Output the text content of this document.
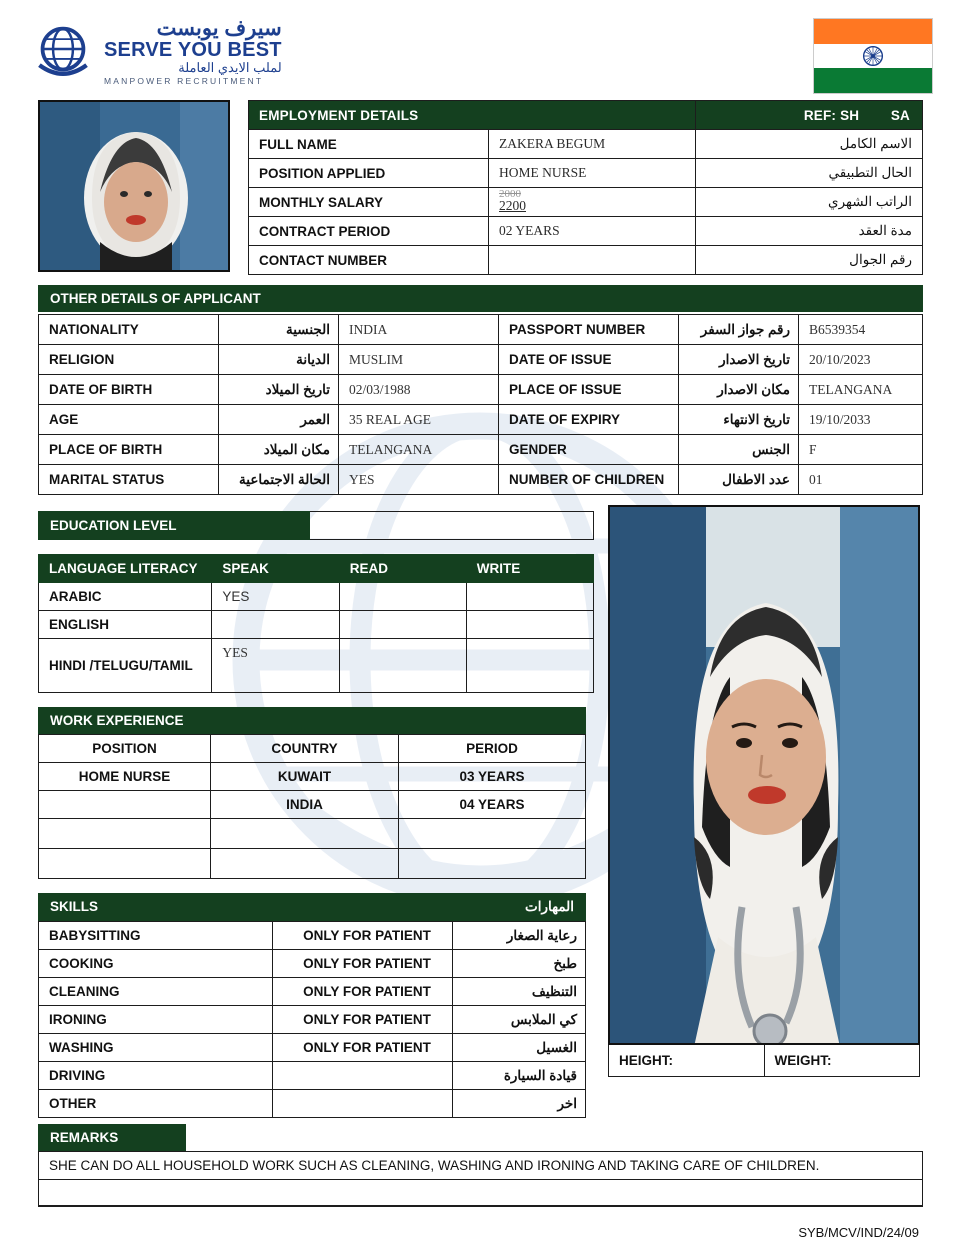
سيرف يوبست
SERVE YOU BEST
لملب الايدي العاملة
MANPOWER RECRUITMENT
EMPLOYMENT DETAILS		REF: SH SA
FULL NAME	ZAKERA BEGUM	الاسم الكامل
POSITION APPLIED	HOME NURSE	الحال التطبيقي
MONTHLY SALARY	2000
2200	الراتب الشهري
CONTRACT PERIOD	02 YEARS	مدة العقد
CONTACT NUMBER		رقم الجوال
OTHER DETAILS OF APPLICANT

NATIONALITY	الجنسية	INDIA	PASSPORT NUMBER	رقم جواز السفر	B6539354
RELIGION	الديانة	MUSLIM	DATE OF ISSUE	تاريخ الاصدار	20/10/2023
DATE OF BIRTH	تاريخ الميلاد	02/03/1988	PLACE OF ISSUE	مكان الاصدار	TELANGANA
AGE	العمر	35 REAL AGE	DATE OF EXPIRY	تاريخ الانتهاء	19/10/2033
PLACE OF BIRTH	مكان الميلاد	TELANGANA	GENDER	الجنس	F
MARITAL STATUS	الحالة الاجتماعية	YES	NUMBER OF CHILDREN	عدد الاطفال	01
EDUCATION LEVEL
LANGUAGE LITERACY	SPEAK	READ	WRITE
ARABIC	YES		
ENGLISH			
HINDI /TELUGU/TAMIL	YES		
WORK EXPERIENCE
POSITION	COUNTRY	PERIOD
HOME NURSE	KUWAIT	03 YEARS
	INDIA	04 YEARS

SKILLS	المهارات
BABYSITTING	ONLY FOR PATIENT	رعاية الصغار
COOKING	ONLY FOR PATIENT	طبخ
CLEANING	ONLY FOR PATIENT	التنظيف
IRONING	ONLY FOR PATIENT	كي الملابس
WASHING	ONLY FOR PATIENT	الغسيل
DRIVING		قيادة السيارة
OTHER		اخر
HEIGHT:	WEIGHT:
REMARKS
SHE CAN DO ALL HOUSEHOLD WORK SUCH AS CLEANING, WASHING AND IRONING AND TAKING CARE OF CHILDREN.
SYB/MCV/IND/24/09
